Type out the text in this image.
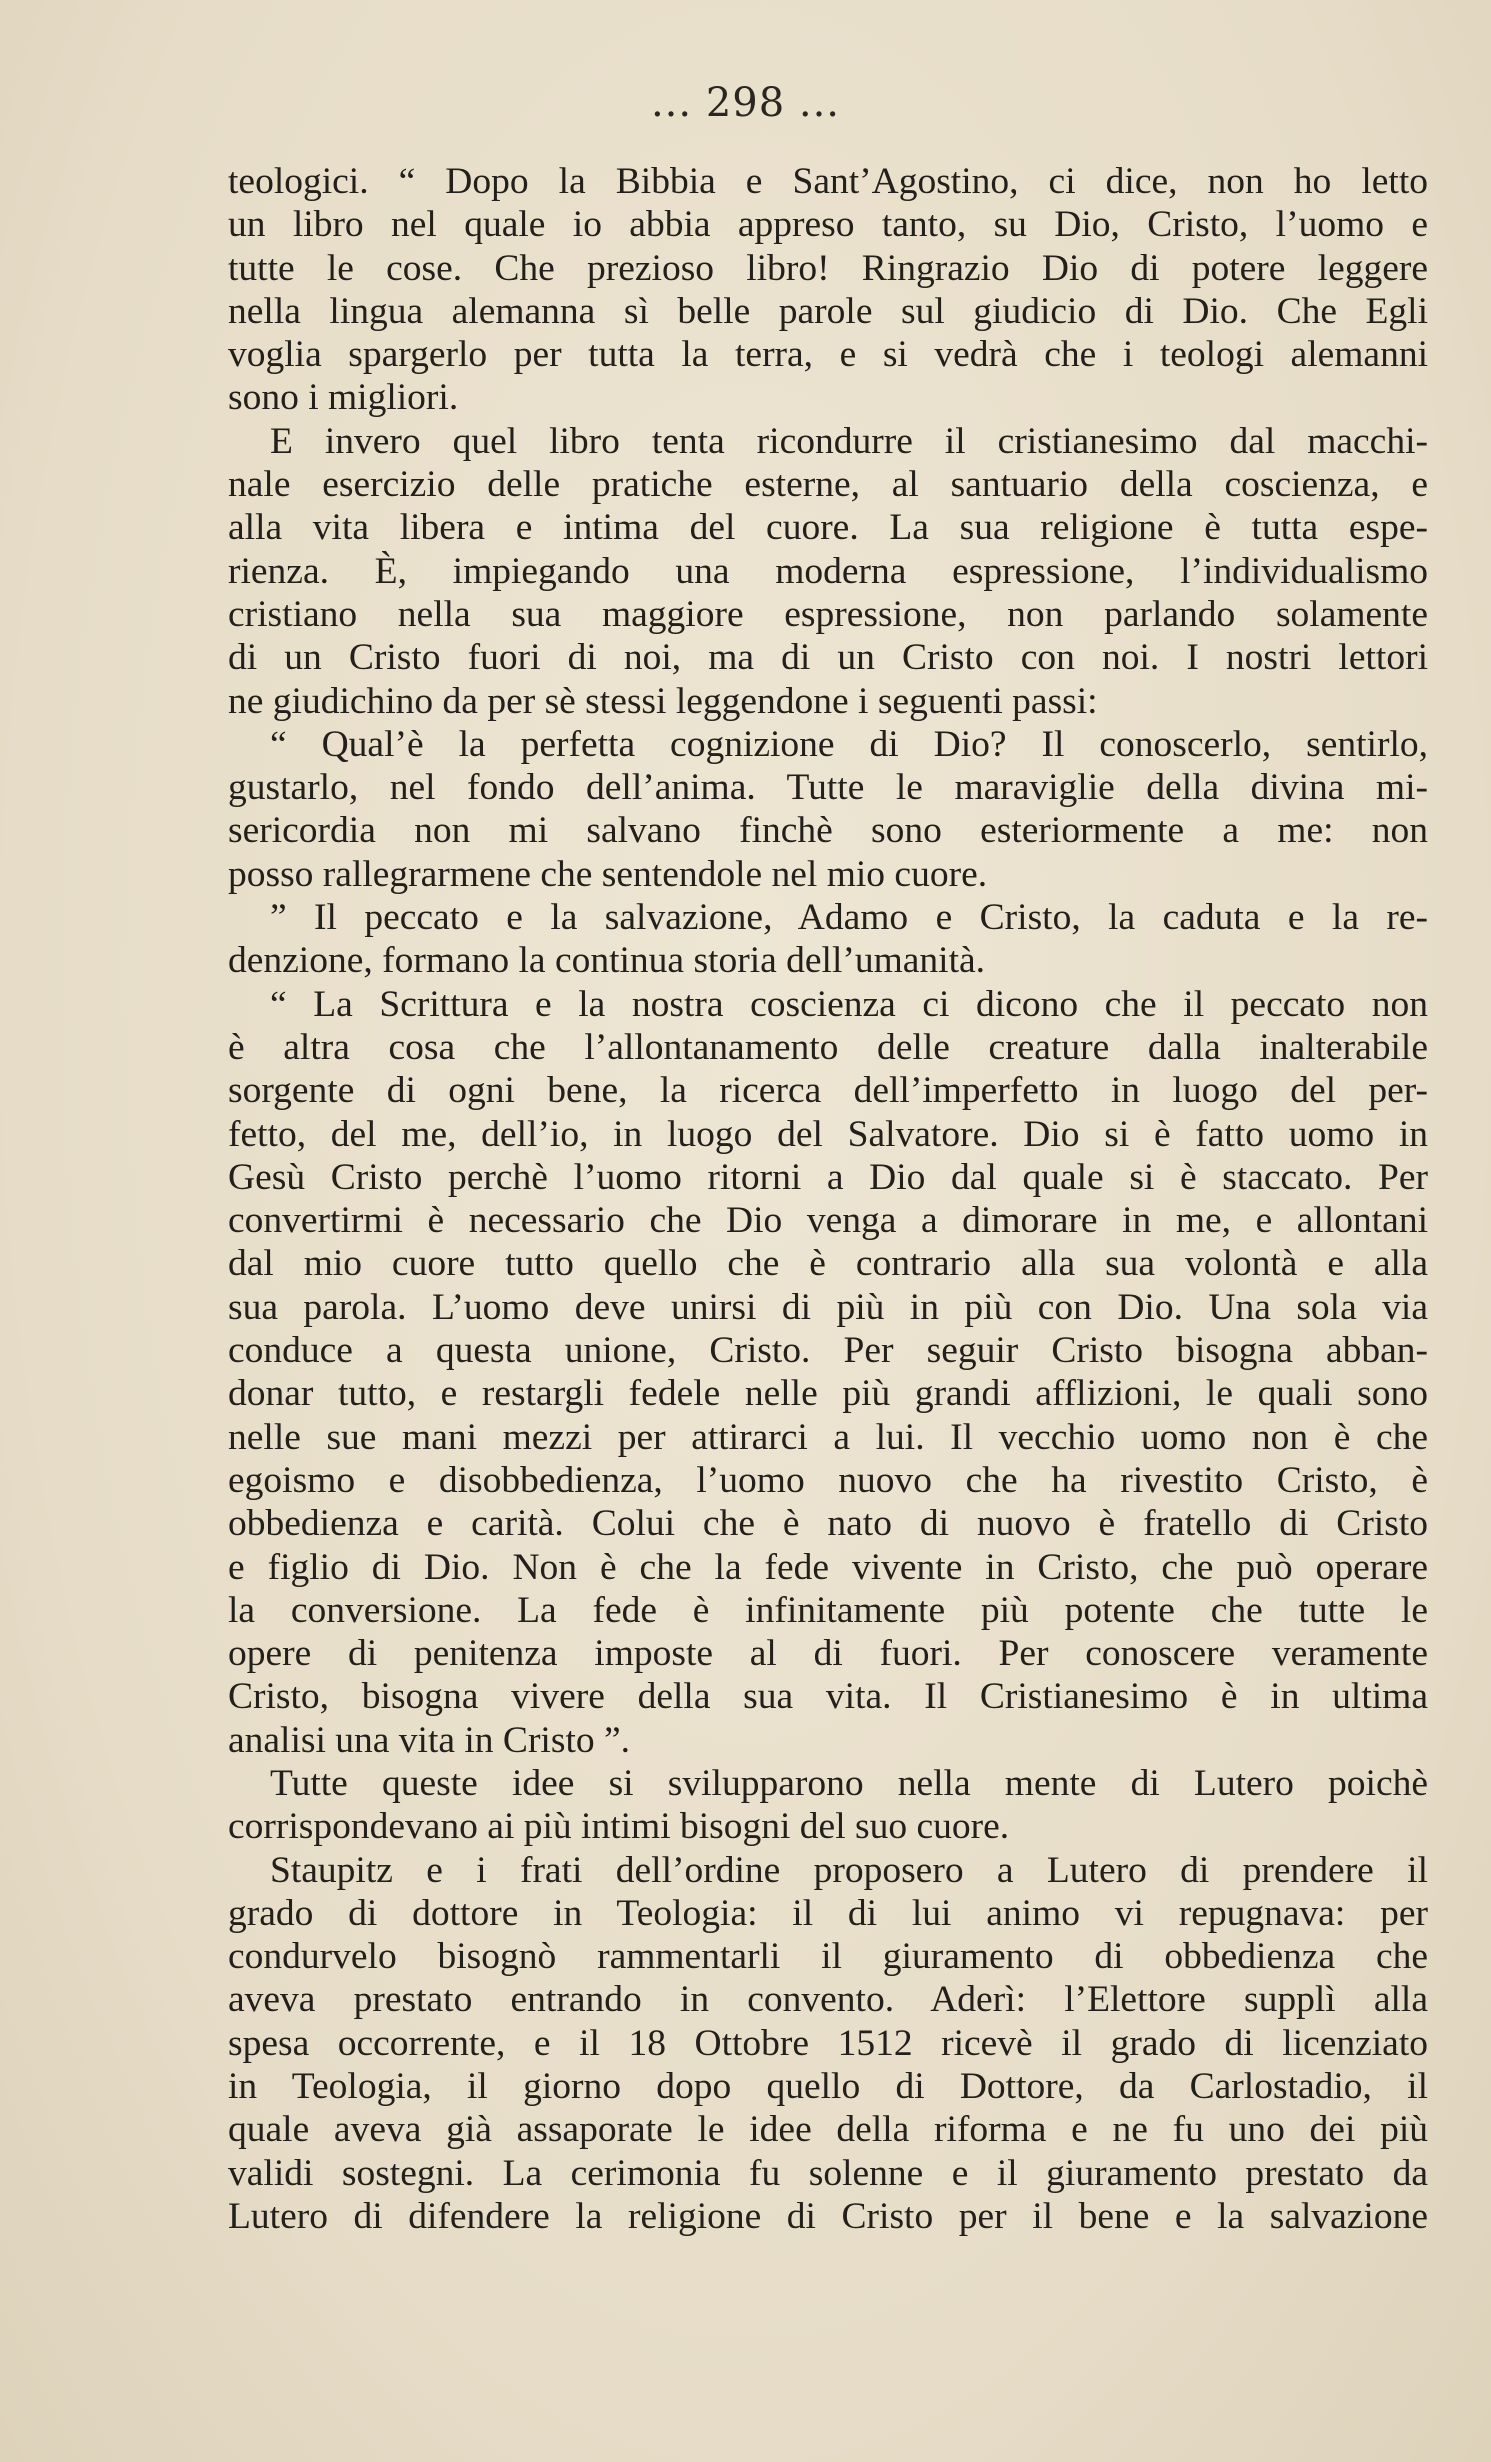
... 298 ...
teologici. “ Dopo la Bibbia e Sant’Agostino, ci dice, non ho letto
un libro nel quale io abbia appreso tanto, su Dio, Cristo, l’uomo e
tutte le cose. Che prezioso libro! Ringrazio Dio di potere leggere
nella lingua alemanna sì belle parole sul giudicio di Dio. Che Egli
voglia spargerlo per tutta la terra, e si vedrà che i teologi alemanni
sono i migliori.
E invero quel libro tenta ricondurre il cristianesimo dal macchi-
nale esercizio delle pratiche esterne, al santuario della coscienza, e
alla vita libera e intima del cuore. La sua religione è tutta espe-
rienza. È, impiegando una moderna espressione, l’individualismo
cristiano nella sua maggiore espressione, non parlando solamente
di un Cristo fuori di noi, ma di un Cristo con noi. I nostri lettori
ne giudichino da per sè stessi leggendone i seguenti passi:
“ Qual’è la perfetta cognizione di Dio? Il conoscerlo, sentirlo,
gustarlo, nel fondo dell’anima. Tutte le maraviglie della divina mi-
sericordia non mi salvano finchè sono esteriormente a me: non
posso rallegrarmene che sentendole nel mio cuore.
” Il peccato e la salvazione, Adamo e Cristo, la caduta e la re-
denzione, formano la continua storia dell’umanità.
“ La Scrittura e la nostra coscienza ci dicono che il peccato non
è altra cosa che l’allontanamento delle creature dalla inalterabile
sorgente di ogni bene, la ricerca dell’imperfetto in luogo del per-
fetto, del me, dell’io, in luogo del Salvatore. Dio si è fatto uomo in
Gesù Cristo perchè l’uomo ritorni a Dio dal quale si è staccato. Per
convertirmi è necessario che Dio venga a dimorare in me, e allontani
dal mio cuore tutto quello che è contrario alla sua volontà e alla
sua parola. L’uomo deve unirsi di più in più con Dio. Una sola via
conduce a questa unione, Cristo. Per seguir Cristo bisogna abban-
donar tutto, e restargli fedele nelle più grandi afflizioni, le quali sono
nelle sue mani mezzi per attirarci a lui. Il vecchio uomo non è che
egoismo e disobbedienza, l’uomo nuovo che ha rivestito Cristo, è
obbedienza e carità. Colui che è nato di nuovo è fratello di Cristo
e figlio di Dio. Non è che la fede vivente in Cristo, che può operare
la conversione. La fede è infinitamente più potente che tutte le
opere di penitenza imposte al di fuori. Per conoscere veramente
Cristo, bisogna vivere della sua vita. Il Cristianesimo è in ultima
analisi una vita in Cristo ”.
Tutte queste idee si svilupparono nella mente di Lutero poichè
corrispondevano ai più intimi bisogni del suo cuore.
Staupitz e i frati dell’ordine proposero a Lutero di prendere il
grado di dottore in Teologia: il di lui animo vi repugnava: per
condurvelo bisognò rammentarli il giuramento di obbedienza che
aveva prestato entrando in convento. Aderì: l’Elettore supplì alla
spesa occorrente, e il 18 Ottobre 1512 ricevè il grado di licenziato
in Teologia, il giorno dopo quello di Dottore, da Carlostadio, il
quale aveva già assaporate le idee della riforma e ne fu uno dei più
validi sostegni. La cerimonia fu solenne e il giuramento prestato da
Lutero di difendere la religione di Cristo per il bene e la salvazione
